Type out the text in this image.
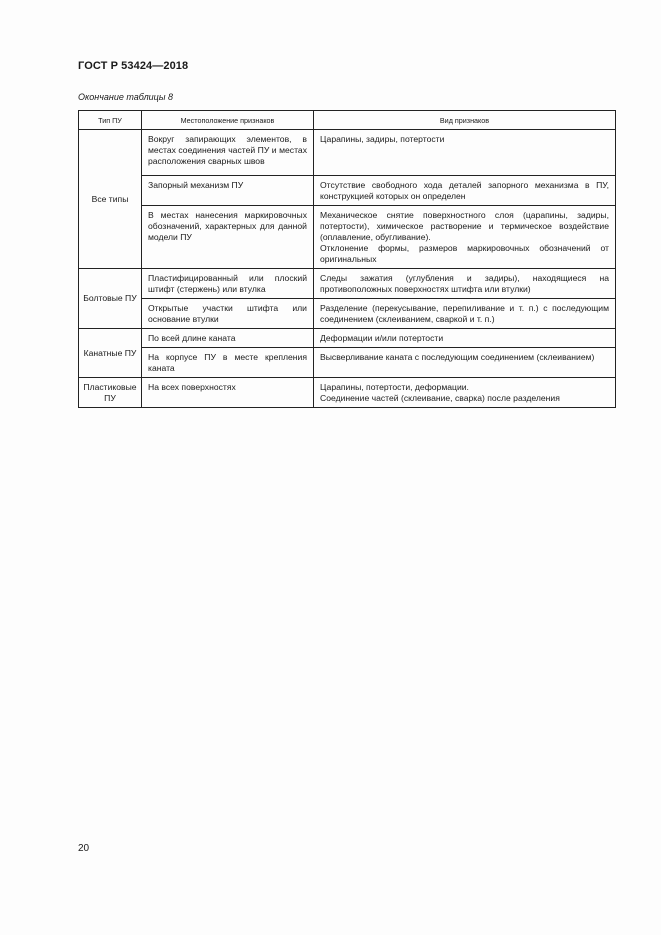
ГОСТ Р 53424—2018
Окончание таблицы 8
Тип ПУ	Местоположение признаков	Вид признаков
Все типы	Вокруг запирающих элементов, в местах соединения частей ПУ и местах расположения сварных швов	Царапины, задиры, потертости
	Запорный механизм ПУ	Отсутствие свободного хода деталей запорного механизма в ПУ, конструкцией которых он определен
	В местах нанесения маркировочных обозначений, характерных для данной модели ПУ	Механическое снятие поверхностного слоя (царапины, задиры, потертости), химическое растворение и термическое воздействие (оплавление, обугливание).
Отклонение формы, размеров маркировочных обозначений от оригинальных

Болтовые ПУ	Пластифицированный или плоский штифт (стержень) или втулка	Следы зажатия (углубления и задиры), находящиеся на противоположных поверхностях штифта или втулки)
	Открытые участки штифта или основание втулки	Разделение (перекусывание, перепиливание и т. п.) с последующим соединением (склеиванием, сваркой и т. п.)
Канатные ПУ	По всей длине каната	Деформации и/или потертости
	На корпусе ПУ в месте крепления каната	Высверливание каната с последующим соединением (склеиванием)
Пластиковые ПУ	На всех поверхностях	Царапины, потертости, деформации.
Соединение частей (склеивание, сварка) после разделения
20
